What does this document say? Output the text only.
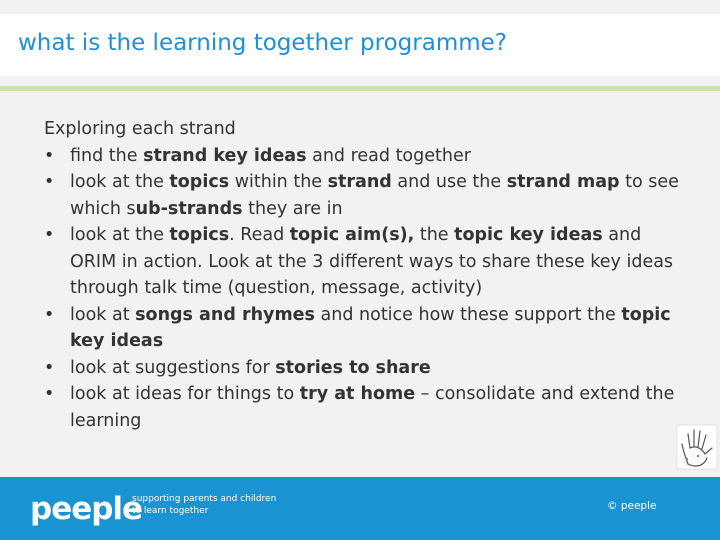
what is the learning together programme?
Exploring each strand
• find the strand key ideas and read together
• look at the topics within the strand and use the strand map to see which sub-strands they are in
• look at the topics. Read topic aim(s), the topic key ideas and ORIM in action. Look at the 3 different ways to share these key ideas through talk time (question, message, activity)
• look at songs and rhymes and notice how these support the topic key ideas
• look at suggestions for stories to share
• look at ideas for things to try at home – consolidate and extend the learning
peeple
supporting parents and children
to learn together	© peeple
